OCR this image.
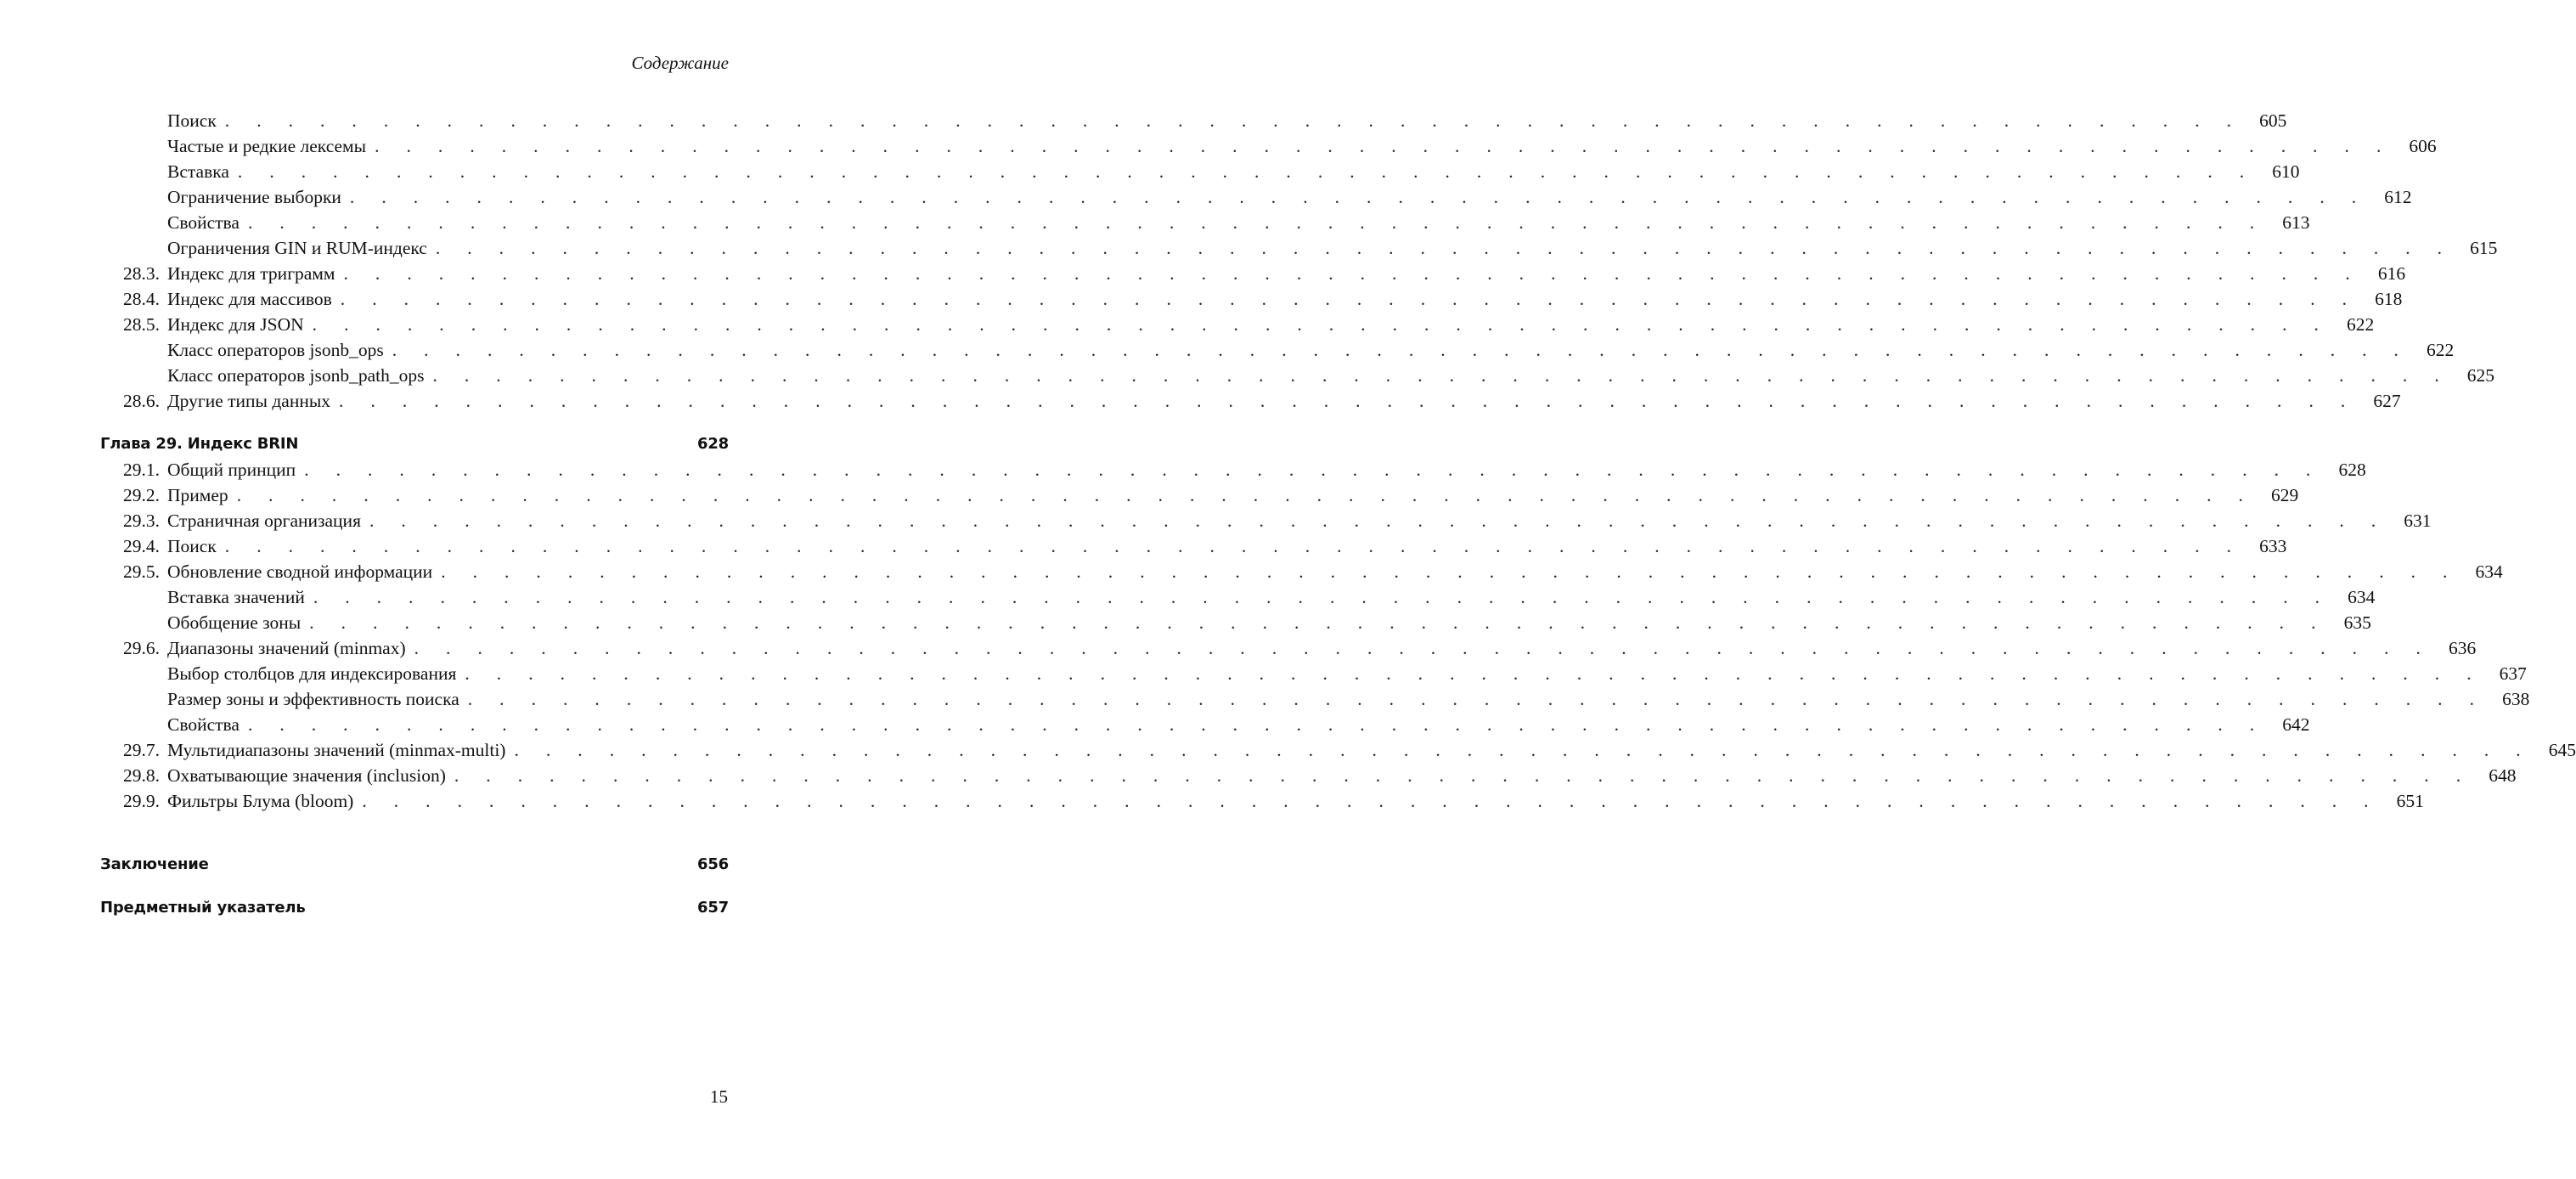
Содержание
Поиск . . . . . . . . . . . . . . . . . . . . . . . . . . . . . . . . . . . . . . . . . . . . . . . . . . . . . . . . . . . . . . . . 605
Частые и редкие лексемы . . . . . . . . . . . . . . . . . . . . . . . . . . . . . . . . . . . . . . . . . . . . . . . . . . . . . . . . . . . . . . . . 606
Вставка . . . . . . . . . . . . . . . . . . . . . . . . . . . . . . . . . . . . . . . . . . . . . . . . . . . . . . . . . . . . . . . . 610
Ограничение выборки . . . . . . . . . . . . . . . . . . . . . . . . . . . . . . . . . . . . . . . . . . . . . . . . . . . . . . . . . . . . . . . . 612
Свойства . . . . . . . . . . . . . . . . . . . . . . . . . . . . . . . . . . . . . . . . . . . . . . . . . . . . . . . . . . . . . . . . 613
Ограничения GIN и RUM-индекс . . . . . . . . . . . . . . . . . . . . . . . . . . . . . . . . . . . . . . . . . . . . . . . . . . . . . . . . . . . . . . . . 615
28.3. Индекс для триграмм . . . . . . . . . . . . . . . . . . . . . . . . . . . . . . . . . . . . . . . . . . . . . . . . . . . . . . . . . . . . . . . . 616
28.4. Индекс для массивов . . . . . . . . . . . . . . . . . . . . . . . . . . . . . . . . . . . . . . . . . . . . . . . . . . . . . . . . . . . . . . . . 618
28.5. Индекс для JSON . . . . . . . . . . . . . . . . . . . . . . . . . . . . . . . . . . . . . . . . . . . . . . . . . . . . . . . . . . . . . . . . 622
Класс операторов jsonb_ops . . . . . . . . . . . . . . . . . . . . . . . . . . . . . . . . . . . . . . . . . . . . . . . . . . . . . . . . . . . . . . . . 622
Класс операторов jsonb_path_ops . . . . . . . . . . . . . . . . . . . . . . . . . . . . . . . . . . . . . . . . . . . . . . . . . . . . . . . . . . . . . . . . 625
28.6. Другие типы данных . . . . . . . . . . . . . . . . . . . . . . . . . . . . . . . . . . . . . . . . . . . . . . . . . . . . . . . . . . . . . . . . 627
Глава 29. Индекс BRIN	628
29.1. Общий принцип . . . . . . . . . . . . . . . . . . . . . . . . . . . . . . . . . . . . . . . . . . . . . . . . . . . . . . . . . . . . . . . . 628
29.2. Пример . . . . . . . . . . . . . . . . . . . . . . . . . . . . . . . . . . . . . . . . . . . . . . . . . . . . . . . . . . . . . . . . 629
29.3. Страничная организация . . . . . . . . . . . . . . . . . . . . . . . . . . . . . . . . . . . . . . . . . . . . . . . . . . . . . . . . . . . . . . . . 631
29.4. Поиск . . . . . . . . . . . . . . . . . . . . . . . . . . . . . . . . . . . . . . . . . . . . . . . . . . . . . . . . . . . . . . . . 633
29.5. Обновление сводной информации . . . . . . . . . . . . . . . . . . . . . . . . . . . . . . . . . . . . . . . . . . . . . . . . . . . . . . . . . . . . . . . . 634
Вставка значений . . . . . . . . . . . . . . . . . . . . . . . . . . . . . . . . . . . . . . . . . . . . . . . . . . . . . . . . . . . . . . . . 634
Обобщение зоны . . . . . . . . . . . . . . . . . . . . . . . . . . . . . . . . . . . . . . . . . . . . . . . . . . . . . . . . . . . . . . . . 635
29.6. Диапазоны значений (minmax) . . . . . . . . . . . . . . . . . . . . . . . . . . . . . . . . . . . . . . . . . . . . . . . . . . . . . . . . . . . . . . . . 636
Выбор столбцов для индексирования . . . . . . . . . . . . . . . . . . . . . . . . . . . . . . . . . . . . . . . . . . . . . . . . . . . . . . . . . . . . . . . . 637
Размер зоны и эффективность поиска . . . . . . . . . . . . . . . . . . . . . . . . . . . . . . . . . . . . . . . . . . . . . . . . . . . . . . . . . . . . . . . . 638
Свойства . . . . . . . . . . . . . . . . . . . . . . . . . . . . . . . . . . . . . . . . . . . . . . . . . . . . . . . . . . . . . . . . 642
29.7. Мультидиапазоны значений (minmax-multi) . . . . . . . . . . . . . . . . . . . . . . . . . . . . . . . . . . . . . . . . . . . . . . . . . . . . . . . . . . . . . . . . 645
29.8. Охватывающие значения (inclusion) . . . . . . . . . . . . . . . . . . . . . . . . . . . . . . . . . . . . . . . . . . . . . . . . . . . . . . . . . . . . . . . . 648
29.9. Фильтры Блума (bloom) . . . . . . . . . . . . . . . . . . . . . . . . . . . . . . . . . . . . . . . . . . . . . . . . . . . . . . . . . . . . . . . . 651
Заключение	656
Предметный указатель	657
15
